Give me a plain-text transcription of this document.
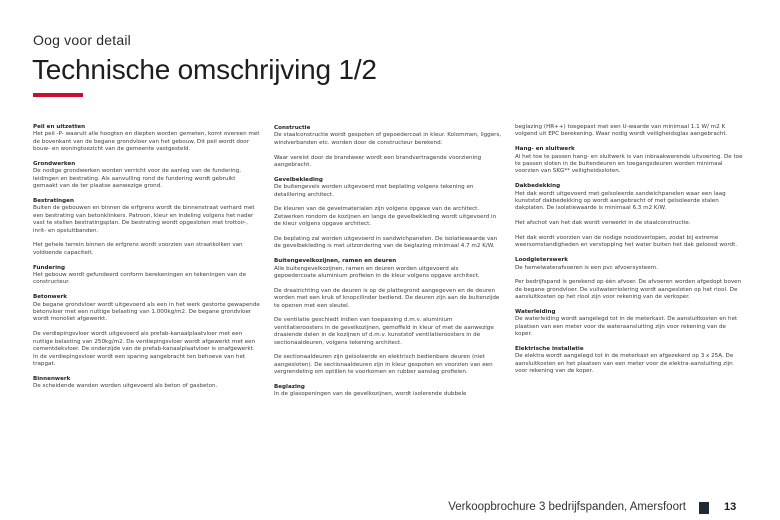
Oog voor detail
Technische omschrijving 1/2
Peil en uitzetten
Het peil -P- waaruit alle hoogten en diepten worden gemeten, komt overeen met de bovenkant van de begane grondvloer van het gebouw. Dit peil wordt door bouw- en woningtoezicht van de gemeente vastgesteld.
Grondwerken
De nodige grondwerken worden verricht voor de aanleg van de fundering, leidingen en bestrating. Als aanvulling rond de fundering wordt gebruikt gemaakt van de ter plaatse aanwezige grond.
Bestratingen
Buiten de gebouwen en binnen de erfgrens wordt de binnenstraat verhard met een bestrating van betonklinkers. Patroon, kleur en indeling volgens het nader vast te stellen bestratingsplan. De bestrating wordt opgesloten met trottoir-, inrit- en opsluitbanden.
Het gehele terrein binnen de erfgrens wordt voorzien van straatkolken van voldoende capaciteit.
Fundering
Het gebouw wordt gefundeerd conform berekeningen en tekeningen van de constructeur.
Betonwerk
De begane grondvloer wordt uitgevoerd als een in het werk gestorte gewapende betonvloer met een nuttige belasting van 1.000kg/m2. De begane grondvloer wordt monoliet afgewerkt.
De verdiepingsvloer wordt uitgevoerd als prefab-kanaalplaatvloer met een nuttige belasting van 250kg/m2. De verdiepingsvloer wordt afgewerkt met een cementdekvloer. De onderzijde van de prefab-kanaalplaatvloer is onafgewerkt. In de verdiepingsvloer wordt een sparing aangebracht ten behoeve van het trapgat.
Binnenwerk
De scheidende wanden worden uitgevoerd als beton of gasbeton.
Constructie
De staalconstructie wordt gespoten of gepoedercoat in kleur. Kolommen, liggers, windverbanden etc. worden door de constructeur berekend.
Waar vereist door de brandweer wordt een brandvertragende voorziening aangebracht.
Gevelbekleding
De buitengevels worden uitgevoerd met beplating volgens tekening en detaillering architect.
De kleuren van de gevelmaterialen zijn volgens opgave van de architect. Zetwerken rondom de kozijnen en langs de gevelbekleding wordt uitgevoerd in de kleur volgens opgave architect.
De beplating zal worden uitgevoerd in sandwichpanelen. De isolatiewaarde van de gevelbekleding is met uitzondering van de beglazing minimaal 4.7 m2 K/W.
Buitengevelkozijnen, ramen en deuren
Alle buitengevelkozijnen, ramen en deuren worden uitgevoerd als gepoedercoate aluminium profielen in de kleur volgens opgave architect.
De draairichting van de deuren is op de plattegrond aangegeven en de deuren worden met een kruk of knopcilinder bediend. De deuren zijn aan de buitenzijde te openen met een sleutel.
De ventilatie geschiedt indien van toepassing d.m.v. aluminium ventilatieroosters in de gevelkozijnen, gemoffeld in kleur of met de aanwezige draaiende delen in de kozijnen of d.m.v. kunststof ventilatieroosters in de sectionaaldeuren, volgens tekening architect.
De sectionaaldeuren zijn geïsoleerde en elektrisch bedienbare deuren (niet aangesloten). De sectionaaldeuren zijn in kleur gespoten en voorzien van een vergrendeling om optillen te voorkomen en rubber aanslag profielen.
Beglazing
In de glasopeningen van de gevelkozijnen, wordt isolerende dubbele
beglazing (HR++) toegepast met een U-waarde van minimaal 1.1 W/ m2 K volgend uit EPC berekening. Waar nodig wordt veiligheidsglas aangebracht.
Hang- en sluitwerk
Al het toe te passen hang- en sluitwerk is van inbraakwerende uitvoering. De toe te passen sloten in de buitendeuren en toegangsdeuren worden minimaal voorzien van SKG** veiligheidssloten.
Dakbedekking
Het dak wordt uitgevoerd met geïsoleerde sandwichpanelen waar een laag kunststof dakbedekking op wordt aangebracht of met geïsoleerde stalen dakplaten. De isolatiewaarde is minimaal 6,3 m2 K/W.
Het afschot van het dak wordt verwerkt in de staalconstructie.
Het dak wordt voorzien van de nodige noodoverlopen, zodat bij extreme weersomstandigheden en verstopping het water buiten het dak geloosd wordt.
Loodgieterswerk
De hemelwaterafvoeren is een pvc afvoersysteem.
Per bedrijfspand is gerekend op één afvoer. De afvoeren worden afgedopt boven de begane grondvloer. De vuilwaterriolering wordt aangesloten op het riool. De aansluitkosten op het riool zijn voor rekening van de verkoper.
Waterleiding
De waterleiding wordt aangelegd tot in de meterkast. De aansluitkosten en het plaatsen van een meter voor de wateraansluiting zijn voor rekening van de koper.
Elektrische installatie
De elektra wordt aangelegd tot in de meterkast en afgezekerd op 3 x 25A. De aansluitkosten en het plaatsen van een meter voor de elektra-aansluiting zijn voor rekening van de koper.
Verkoopbrochure 3 bedrijfspanden, Amersfoort	13
